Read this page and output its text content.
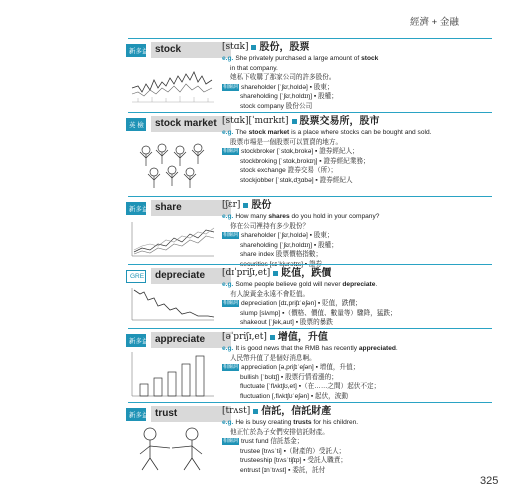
經濟 + 金融
新多益 stock	[stɑk] 股份，股票
e.g. She privately purchased a large amount of stock
in that company.
她私下收購了那家公司的許多股份。
相關詞 shareholder [ˈʃɛr,holdə] ▪ 股東；
shareholding [ˈʃɛr,holdɪŋ] ▪ 股權；
stock company 股份公司
英 檢	stock market [stɑk][ˈmɑrkɪt] 股票交易所，股市
e.g. The stock market is a place where stocks can be bought and sold.
股票市場是一個股票可以買賣的地方。
相關詞 stockbroker [ˈstɑk,brokə] ▪ 證券經紀人；
stockbroking [ˈstɑk,brokɪŋ] ▪ 證券經紀業務；
stock exchange 證券交易（所）；
stockjobber [ˈstɑk,dʒɑbə] ▪ 證券經紀人
新多益 share	[ʃɛr] 股份
e.g. How many shares do you hold in your company?
你在公司裡持有多少股份？
相關詞 shareholder [ˈʃɛr,holdə] ▪ 股東；
shareholding [ˈʃɛr,holdɪŋ] ▪ 股權；
share index 股票價格指數；
securities [sɪˈkjurətɪs] ▪ 證券
GRE	depreciate	[dɪˈpriʃɪ,et] 貶值，跌價
e.g. Some people believe gold will never depreciate.
有人說黃金永遠不會貶值。
相關詞 depreciation [dɪ,priʃɪˈeʃən] ▪ 貶值，跌價；
slump [slʌmp] ▪（價格、價值、數量等）驟降，猛跌；
shakeout [ˈʃek,aut] ▪ 股票的暴跌
新多益 appreciate	[əˈpriʃɪ,et] 增值，升值
e.g. It is good news that the RMB has recently appreciated.
人民幣升值了是個好消息啊。
相關詞 appreciation [ə,priʃɪˈeʃən] ▪ 增值，升值；
bullish [ˈbʊlɪʃ] ▪ 股票行情看漲的；
fluctuate [ˈflʌktʃʊ,et] ▪（在……之間）起伏不定；
fluctuation [,flʌktʃʊˈeʃən] ▪ 起伏，波動
新多益 trust	[trʌst] 信託，信託財產
e.g. He is busy creating trusts for his children.
他正忙於為子女們安排信託財產。
相關詞 trust fund 信託基金；
trustee [trʌsˈti] ▪（財產的）受託人；
trusteeship [trʌsˈtiʃɪp] ▪ 受託人職責；
entrust [ɪnˈtrʌst] ▪ 委託，託付
325
